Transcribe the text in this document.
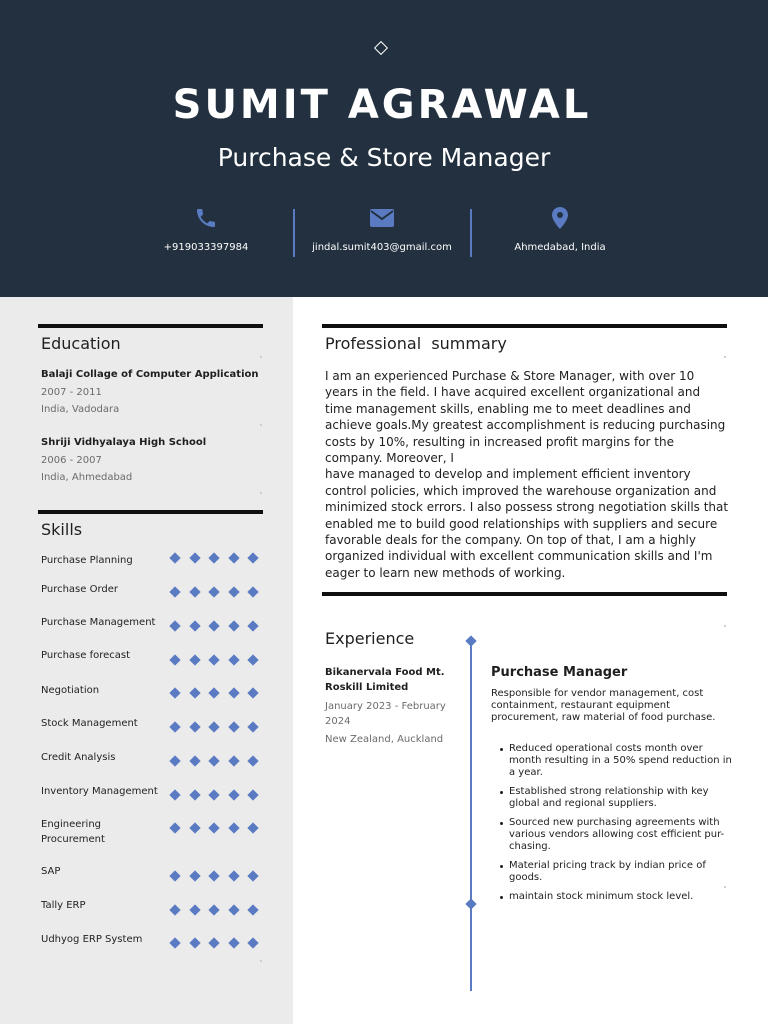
SUMIT AGRAWAL
Purchase & Store Manager
+919033397984	jindal.sumit403@gmail.com	Ahmedabad, India
Education
Balaji Collage of Computer Application
2007 - 2011
India, Vadodara
Shriji Vidhyalaya High School
2006 - 2007
India, Ahmedabad
Skills
Purchase Planning
Purchase Order
Purchase Management
Purchase forecast
Negotiation
Stock Management
Credit Analysis
Inventory Management
Engineering
Procurement
SAP
Tally ERP
Udhyog ERP System
Professional  summary

I am an experienced Purchase & Store Manager, with over 10 years in the field. I have acquired excellent organizational and time management skills, enabling me to meet deadlines and achieve goals.My greatest accomplishment is reducing purchasing costs by 10%, resulting in increased profit margins for the company. Moreover, I

have managed to develop and implement efficient inventory control policies, which improved the warehouse organization and minimized stock errors. I also possess strong negotiation skills that enabled me to build good relationships with suppliers and secure favorable deals for the company. On top of that, I am a highly organized individual with excellent communication skills and I'm eager to learn new methods of working.

Experience
Bikanervala Food Mt. Roskill Limited
January 2023 - February 2024
New Zealand, Auckland
Purchase Manager
Responsible for vendor management, cost containment, restaurant equipment procurement, raw material of food purchase.
Reduced operational costs month over month resulting in a 50% spend reduction in a year.
Established strong relationship with key global and regional suppliers.
Sourced new purchasing agreements with various vendors allowing cost efficient pur-chasing.
Material pricing track by indian price of goods.
maintain stock minimum stock level.
